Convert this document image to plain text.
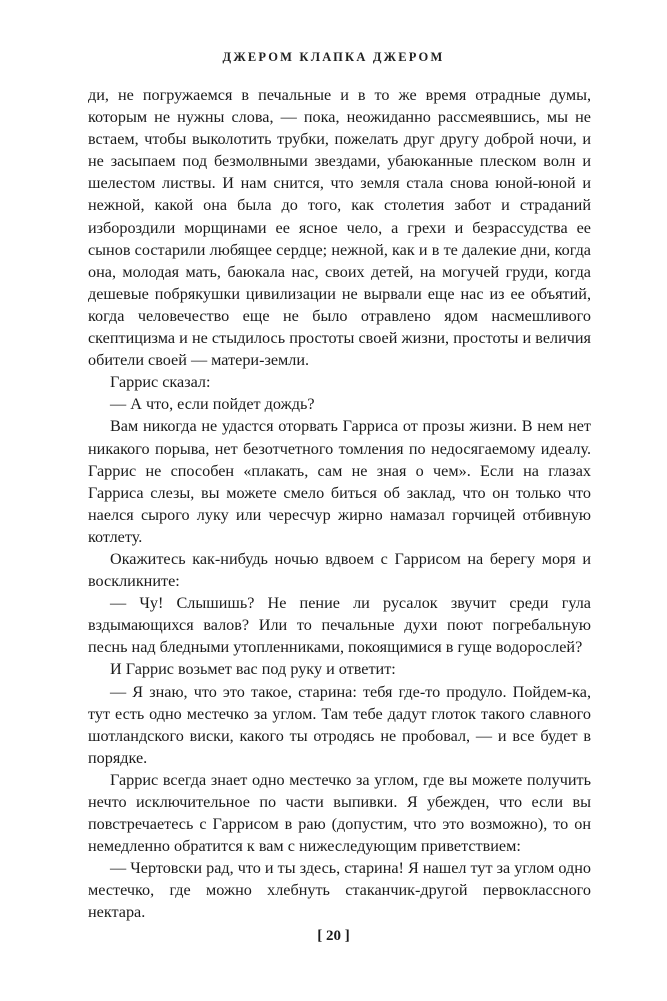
ДЖЕРОМ КЛАПКА ДЖЕРОМ

ди, не погружаемся в печальные и в то же время отрадные думы, которым не нужны слова, — пока, неожиданно рассмеявшись, мы не встаем, чтобы выколотить трубки, пожелать друг другу доброй ночи, и не засыпаем под безмолвными звездами, убаюканные плеском волн и шелестом листвы. И нам снится, что земля стала снова юной-юной и нежной, какой она была до того, как столетия забот и страданий избороздили морщинами ее ясное чело, а грехи и безрассудства ее сынов состарили любящее сердце; нежной, как и в те далекие дни, когда она, молодая мать, баюкала нас, своих детей, на могучей груди, когда дешевые побрякушки цивилизации не вырвали еще нас из ее объятий, когда человечество еще не было отравлено ядом насмешливого скептицизма и не стыдилось простоты своей жизни, простоты и величия обители своей — матери-земли.

Гаррис сказал:

— А что, если пойдет дождь?

Вам никогда не удастся оторвать Гарриса от прозы жизни. В нем нет никакого порыва, нет безотчетного томления по недосягаемому идеалу. Гаррис не способен «плакать, сам не зная о чем». Если на глазах Гарриса слезы, вы можете смело биться об заклад, что он только что наелся сырого луку или чересчур жирно намазал горчицей отбивную котлету.

Окажитесь как-нибудь ночью вдвоем с Гаррисом на берегу моря и воскликните:

— Чу! Слышишь? Не пение ли русалок звучит среди гула вздымающихся валов? Или то печальные духи поют погребальную песнь над бледными утопленниками, покоящимися в гуще водорослей?

И Гаррис возьмет вас под руку и ответит:

— Я знаю, что это такое, старина: тебя где-то продуло. Пойдем-ка, тут есть одно местечко за углом. Там тебе дадут глоток такого славного шотландского виски, какого ты отродясь не пробовал, — и все будет в порядке.

Гаррис всегда знает одно местечко за углом, где вы можете получить нечто исключительное по части выпивки. Я убежден, что если вы повстречаетесь с Гаррисом в раю (допустим, что это возможно), то он немедленно обратится к вам с нижеследующим приветствием:

— Чертовски рад, что и ты здесь, старина! Я нашел тут за углом одно местечко, где можно хлебнуть стаканчик-другой первоклассного нектара.

[ 20 ]
